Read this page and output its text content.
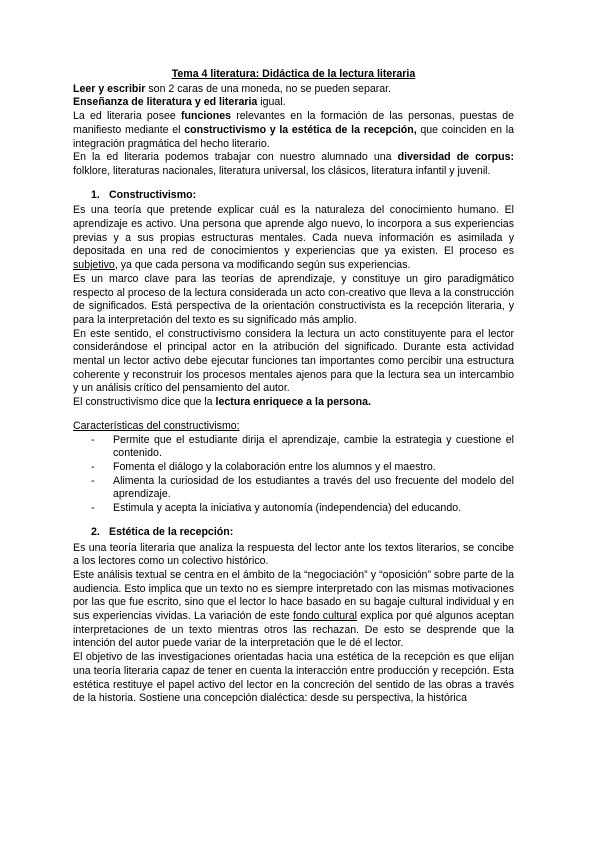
Tema 4 literatura: Didáctica de la lectura literaria

Leer y escribir son 2 caras de una moneda, no se pueden separar.

Enseñanza de literatura y ed literaria igual.

La ed literaria posee funciones relevantes en la formación de las personas, puestas de manifiesto mediante el constructivismo y la estética de la recepción, que coinciden en la integración pragmática del hecho literario.

En la ed literaria podemos trabajar con nuestro alumnado una diversidad de corpus: folklore, literaturas nacionales, literatura universal, los clásicos, literatura infantil y juvenil.

1. Constructivismo:

Es una teoría que pretende explicar cuál es la naturaleza del conocimiento humano. El aprendizaje es activo. Una persona que aprende algo nuevo, lo incorpora a sus experiencias previas y a sus propias estructuras mentales. Cada nueva información es asimilada y depositada en una red de conocimientos y experiencias que ya existen. El proceso es subjetivo, ya que cada persona va modificando según sus experiencias.

Es un marco clave para las teorías de aprendizaje, y constituye un giro paradigmático respecto al proceso de la lectura considerada un acto con-creativo que lleva a la construcción de significados. Está perspectiva de la orientación constructivista es la recepción literaria, y para la interpretación del texto es su significado más amplio.

En este sentido, el constructivismo considera la lectura un acto constituyente para el lector considerándose el principal actor en la atribución del significado. Durante esta actividad mental un lector activo debe ejecutar funciones tan importantes como percibir una estructura coherente y reconstruir los procesos mentales ajenos para que la lectura sea un intercambio y un análisis crítico del pensamiento del autor.

El constructivismo dice que la lectura enriquece a la persona.

Características del constructivismo:

- Permite que el estudiante dirija el aprendizaje, cambie la estrategia y cuestione el contenido.
- Fomenta el diálogo y la colaboración entre los alumnos y el maestro.
- Alimenta la curiosidad de los estudiantes a través del uso frecuente del modelo del aprendizaje.
- Estimula y acepta la iniciativa y autonomía (independencia) del educando.

2. Estética de la recepción:

Es una teoría literaria que analiza la respuesta del lector ante los textos literarios, se concibe a los lectores como un colectivo histórico.

Este análisis textual se centra en el ámbito de la “negociación” y “oposición” sobre parte de la audiencia. Esto implica que un texto no es siempre interpretado con las mismas motivaciones por las que fue escrito, sino que el lector lo hace basado en su bagaje cultural individual y en sus experiencias vividas. La variación de este fondo cultural explica por qué algunos aceptan interpretaciones de un texto mientras otros las rechazan. De esto se desprende que la intención del autor puede variar de la interpretación que le dé el lector.

El objetivo de las investigaciones orientadas hacia una estética de la recepción es que elijan una teoría literaria capaz de tener en cuenta la interacción entre producción y recepción. Esta estética restituye el papel activo del lector en la concreción del sentido de las obras a través de la historia. Sostiene una concepción dialéctica: desde su perspectiva, la histórica
